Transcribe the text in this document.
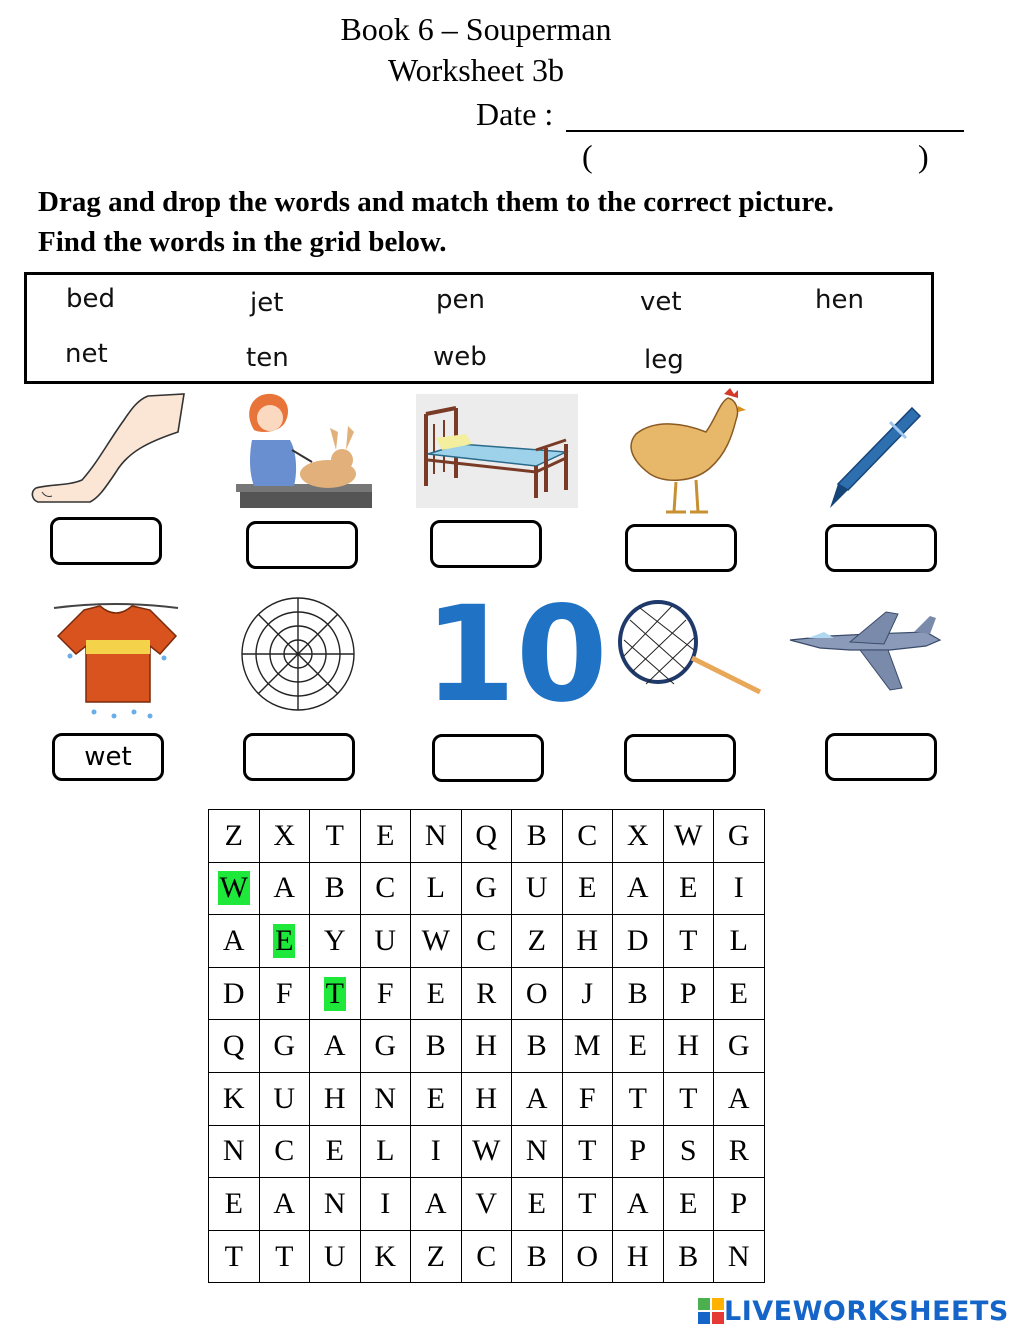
Book 6 – Souperman
Worksheet 3b
Date :
(	)
Drag and drop the words and match them to the correct picture.
Find the words in the grid below.
bed	jet	pen	vet	hen
net	ten	web	leg
10
wet
Z	X	T	E	N	Q	B	C	X	W	G
W	A	B	C	L	G	U	E	A	E	I
A	E	Y	U	W	C	Z	H	D	T	L
D	F	T	F	E	R	O	J	B	P	E
Q	G	A	G	B	H	B	M	E	H	G
K	U	H	N	E	H	A	F	T	T	A
N	C	E	L	I	W	N	T	P	S	R
E	A	N	I	A	V	E	T	A	E	P
T	T	U	K	Z	C	B	O	H	B	N
LIVEWORKSHEETS
